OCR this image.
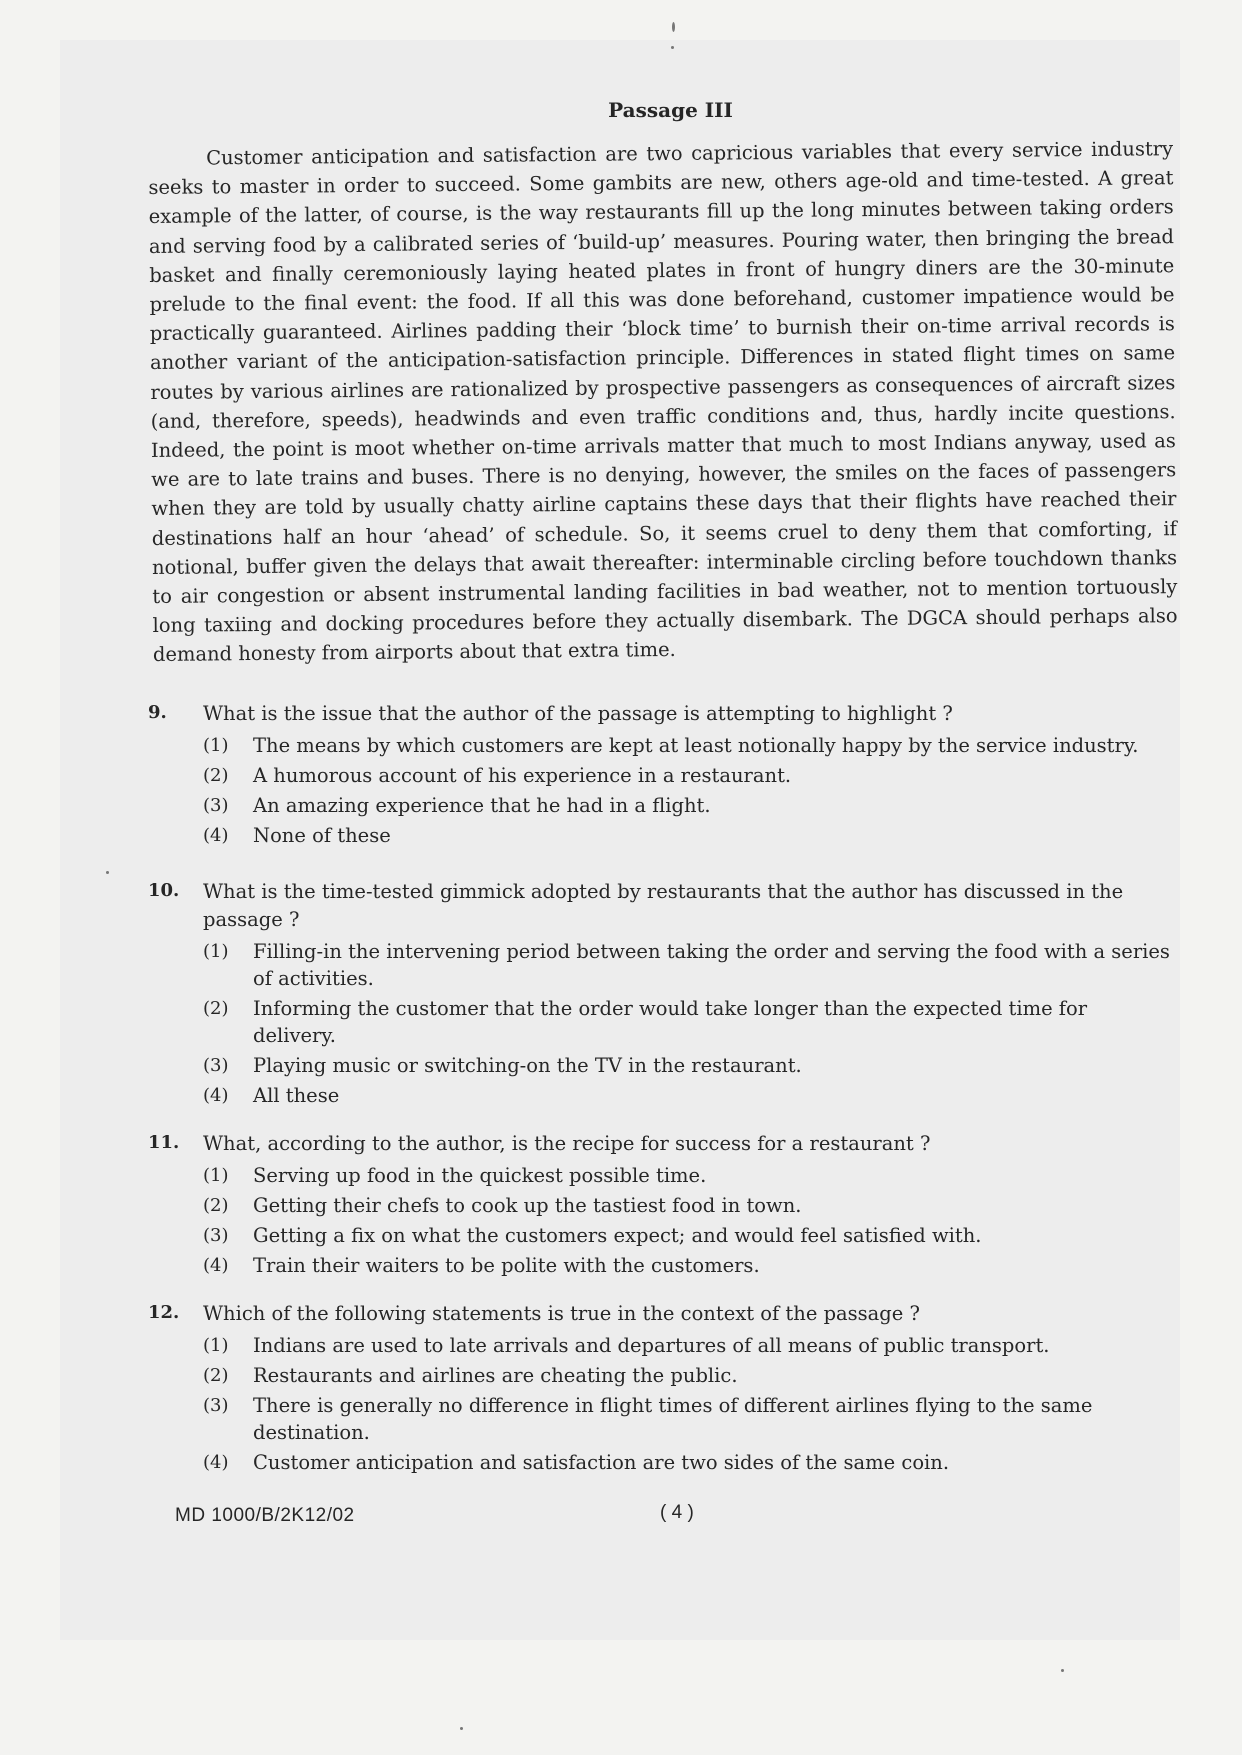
Passage III

Customer anticipation and satisfaction are two capricious variables that every service industry seeks to master in order to succeed. Some gambits are new, others age-old and time-tested. A great example of the latter, of course, is the way restaurants fill up the long minutes between taking orders and serving food by a calibrated series of ‘build-up’ measures. Pouring water, then bringing the bread basket and finally ceremoniously laying heated plates in front of hungry diners are the 30-minute prelude to the final event: the food. If all this was done beforehand, customer impatience would be practically guaranteed. Airlines padding their ‘block time’ to burnish their on-time arrival records is another variant of the anticipation-satisfaction principle. Differences in stated flight times on same routes by various airlines are rationalized by prospective passengers as consequences of aircraft sizes (and, therefore, speeds), headwinds and even traffic conditions and, thus, hardly incite questions. Indeed, the point is moot whether on-time arrivals matter that much to most Indians anyway, used as we are to late trains and buses. There is no denying, however, the smiles on the faces of passengers when they are told by usually chatty airline captains these days that their flights have reached their destinations half an hour ‘ahead’ of schedule. So, it seems cruel to deny them that comforting, if notional, buffer given the delays that await thereafter: interminable circling before touchdown thanks to air congestion or absent instrumental landing facilities in bad weather, not to mention tortuously long taxiing and docking procedures before they actually disembark. The DGCA should perhaps also demand honesty from airports about that extra time.

9.	What is the issue that the author of the passage is attempting to highlight ?
(1)	The means by which customers are kept at least notionally happy by the service industry.
(2)	A humorous account of his experience in a restaurant.
(3)	An amazing experience that he had in a flight.
(4)	None of these
10.	What is the time-tested gimmick adopted by restaurants that the author has discussed in the passage ?
(1)	Filling-in the intervening period between taking the order and serving the food with a series of activities.
(2)	Informing the customer that the order would take longer than the expected time for delivery.
(3)	Playing music or switching-on the TV in the restaurant.
(4)	All these
11.	What, according to the author, is the recipe for success for a restaurant ?
(1)	Serving up food in the quickest possible time.
(2)	Getting their chefs to cook up the tastiest food in town.
(3)	Getting a fix on what the customers expect; and would feel satisfied with.
(4)	Train their waiters to be polite with the customers.
12.	Which of the following statements is true in the context of the passage ?
(1)	Indians are used to late arrivals and departures of all means of public transport.
(2)	Restaurants and airlines are cheating the public.
(3)	There is generally no difference in flight times of different airlines flying to the same destination.
(4)	Customer anticipation and satisfaction are two sides of the same coin.
MD 1000/B/2K12/02	( 4 )
